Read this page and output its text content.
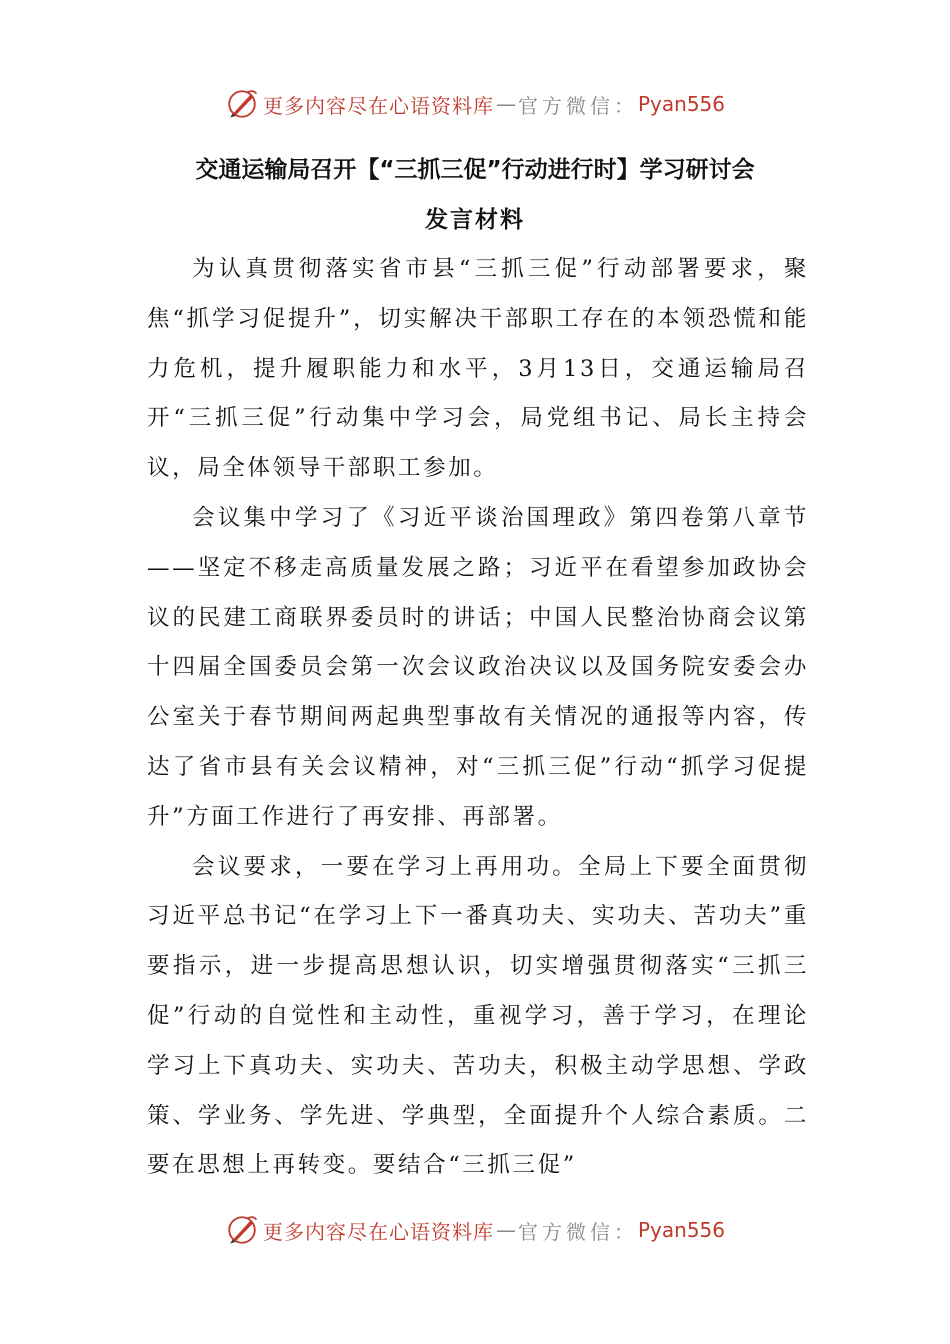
更多内容尽在心语资料库 — 官方微信： Pyan556
交通运输局召开【“三抓三促”行动进行时】学习研讨会
发言材料

为认真贯彻落实省市县“三抓三促”行动部署要求，聚焦“抓学习促提升”，切实解决干部职工存在的本领恐慌和能力危机，提升履职能力和水平，3月13日，交通运输局召开“三抓三促”行动集中学习会，局党组书记、局长主持会议，局全体领导干部职工参加。

会议集中学习了《习近平谈治国理政》第四卷第八章节——坚定不移走高质量发展之路；习近平在看望参加政协会议的民建工商联界委员时的讲话；中国人民整治协商会议第十四届全国委员会第一次会议政治决议以及国务院安委会办公室关于春节期间两起典型事故有关情况的通报等内容，传达了省市县有关会议精神，对“三抓三促”行动“抓学习促提升”方面工作进行了再安排、再部署。

会议要求，一要在学习上再用功。全局上下要全面贯彻习近平总书记“在学习上下一番真功夫、实功夫、苦功夫”重要指示，进一步提高思想认识，切实增强贯彻落实“三抓三促”行动的自觉性和主动性，重视学习，善于学习，在理论学习上下真功夫、实功夫、苦功夫，积极主动学思想、学政策、学业务、学先进、学典型，全面提升个人综合素质。二要在思想上再转变。要结合“三抓三促”

更多内容尽在心语资料库 — 官方微信： Pyan556
